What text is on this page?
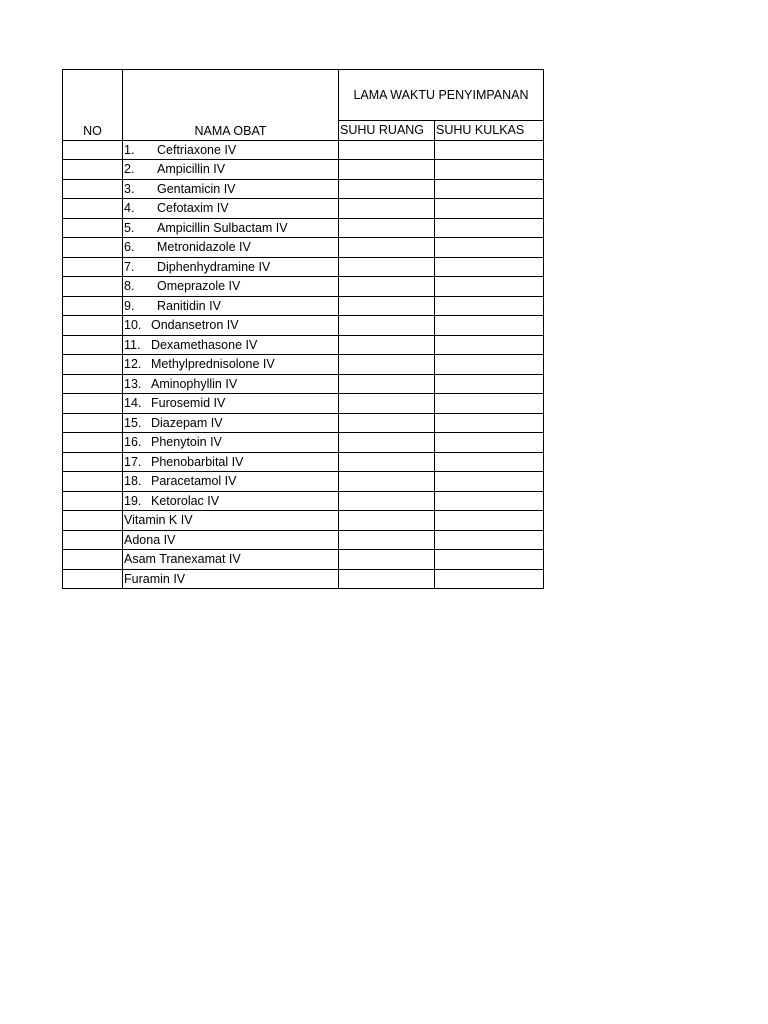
NO	NAMA OBAT	LAMA WAKTU PENYIMPANAN	
		SUHU RUANG	SUHU KULKAS
	1. Ceftriaxone IV		
	2. Ampicillin IV		
	3. Gentamicin IV		
	4. Cefotaxim IV		
	5. Ampicillin Sulbactam IV		
	6. Metronidazole IV		
	7. Diphenhydramine IV		
	8. Omeprazole IV		
	9. Ranitidin IV		
	10. Ondansetron IV		
	11. Dexamethasone IV		
	12. Methylprednisolone IV		
	13. Aminophyllin IV		
	14. Furosemid IV		
	15. Diazepam IV		
	16. Phenytoin IV		
	17. Phenobarbital IV		
	18. Paracetamol IV		
	19. Ketorolac IV		
	Vitamin K IV		
	Adona IV		
	Asam Tranexamat IV		
	Furamin IV		
